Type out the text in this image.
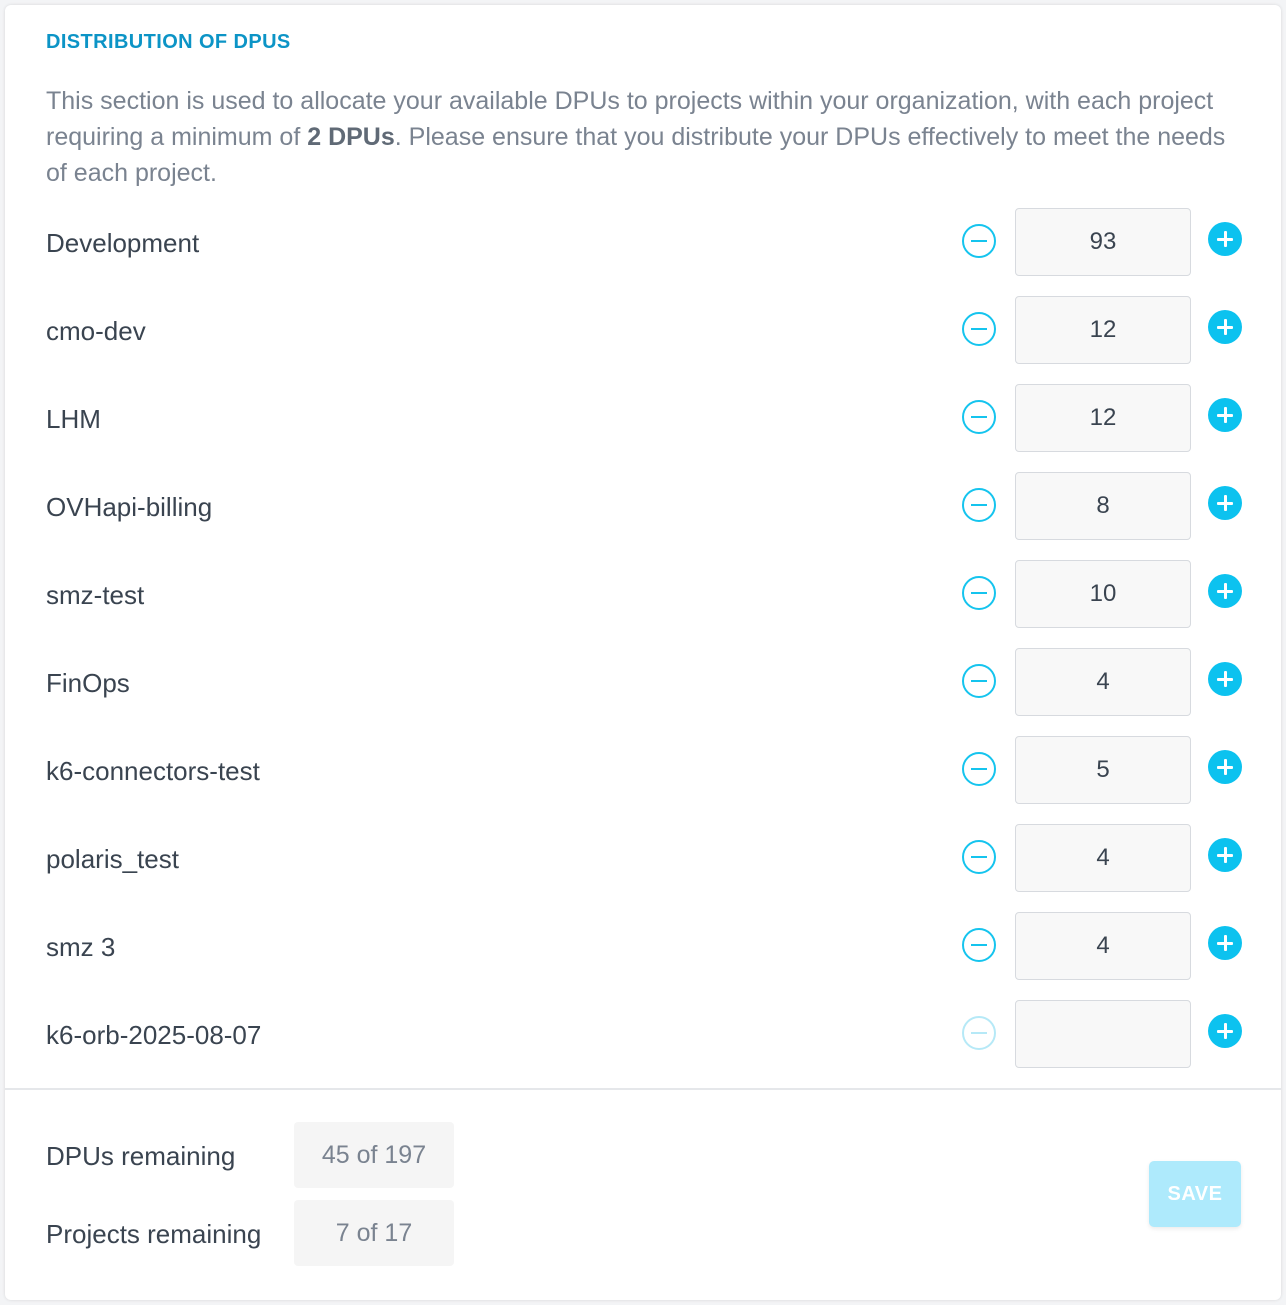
DISTRIBUTION OF DPUS

This section is used to allocate your available DPUs to projects within your organization, with each project requiring a minimum of 2 DPUs. Please ensure that you distribute your DPUs effectively to meet the needs of each project.

Development
93
cmo-dev
12
LHM
12
OVHapi-billing
8
smz-test
10
FinOps
4
k6-connectors-test
5
polaris_test
4
smz 3
4
k6-orb-2025-08-07
DPUs remaining	45 of 197
Projects remaining	7 of 17
SAVE
